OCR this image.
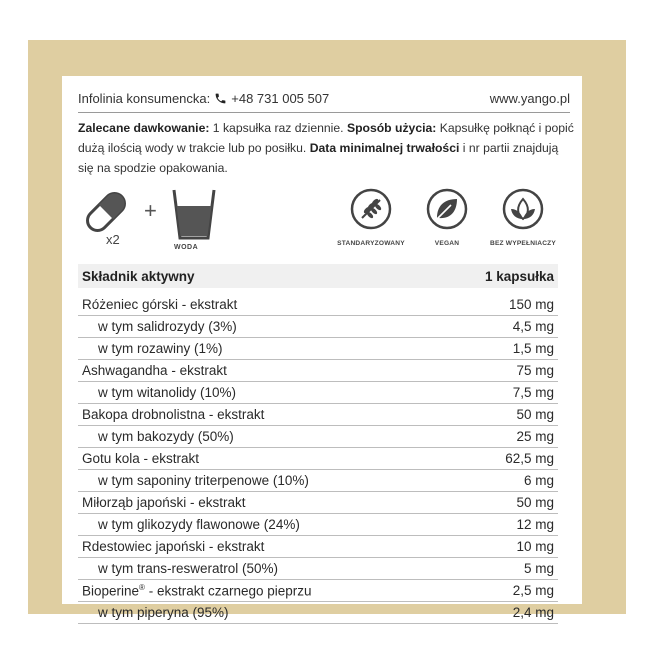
Infolinia konsumencka: +48 731 005 507	www.yango.pl
Zalecane dawkowanie: 1 kapsułka raz dziennie. Sposób użycia: Kapsułkę połknąć i popić dużą ilością wody w trakcie lub po posiłku. Data minimalnej trwałości i nr partii znajdują się na spodzie opakowania.
x2
+
WODA
STANDARYZOWANY	VEGAN	BEZ WYPEŁNIACZY
Składnik aktywny	1 kapsułka
Różeniec górski - ekstrakt	150 mg
w tym salidrozydy (3%)	4,5 mg
w tym rozawiny (1%)	1,5 mg
Ashwagandha - ekstrakt	75 mg
w tym witanolidy (10%)	7,5 mg
Bakopa drobnolistna - ekstrakt	50 mg
w tym bakozydy (50%)	25 mg
Gotu kola - ekstrakt	62,5 mg
w tym saponiny triterpenowe (10%)	6 mg
Miłorząb japoński - ekstrakt	50 mg
w tym glikozydy flawonowe (24%)	12 mg
Rdestowiec japoński - ekstrakt	10 mg
w tym trans-resweratrol (50%)	5 mg
Bioperine® - ekstrakt czarnego pieprzu	2,5 mg
w tym piperyna (95%)	2,4 mg
